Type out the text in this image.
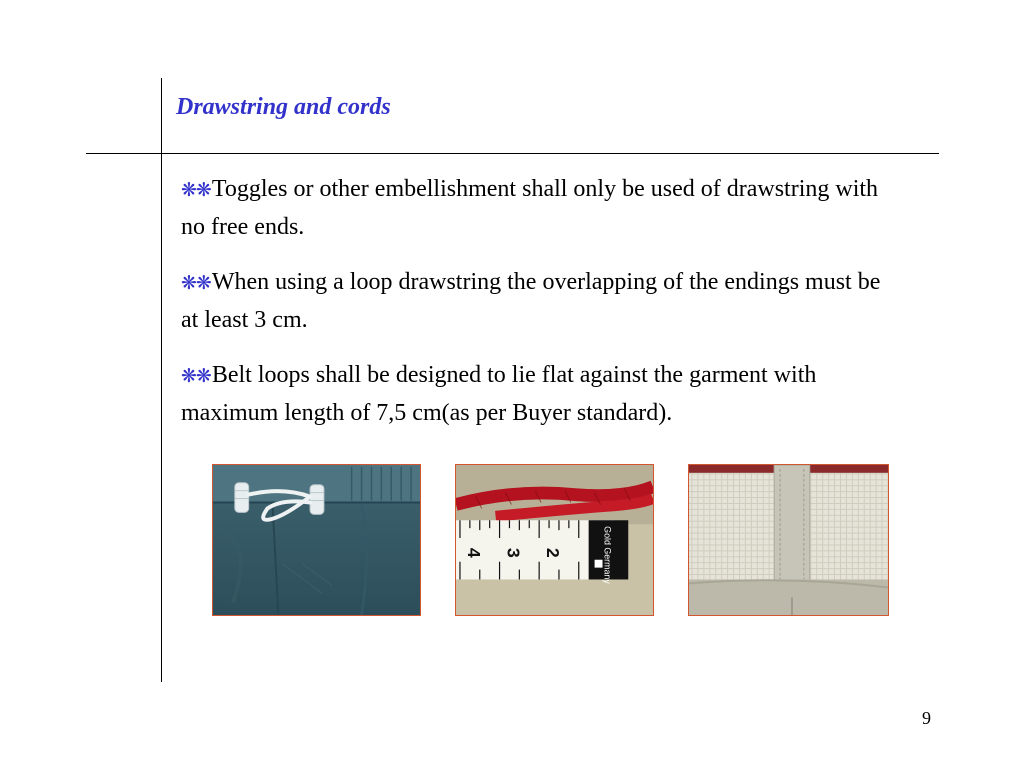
Drawstring and cords
❋❋Toggles or other embellishment shall only be used of drawstring with no free ends.
❋❋When using a loop drawstring the overlapping of the endings must be at least 3 cm.
❋❋Belt loops shall be designed to lie flat against the garment with maximum length of 7,5 cm(as per Buyer standard).
4 3 2	Gold Germany
9
